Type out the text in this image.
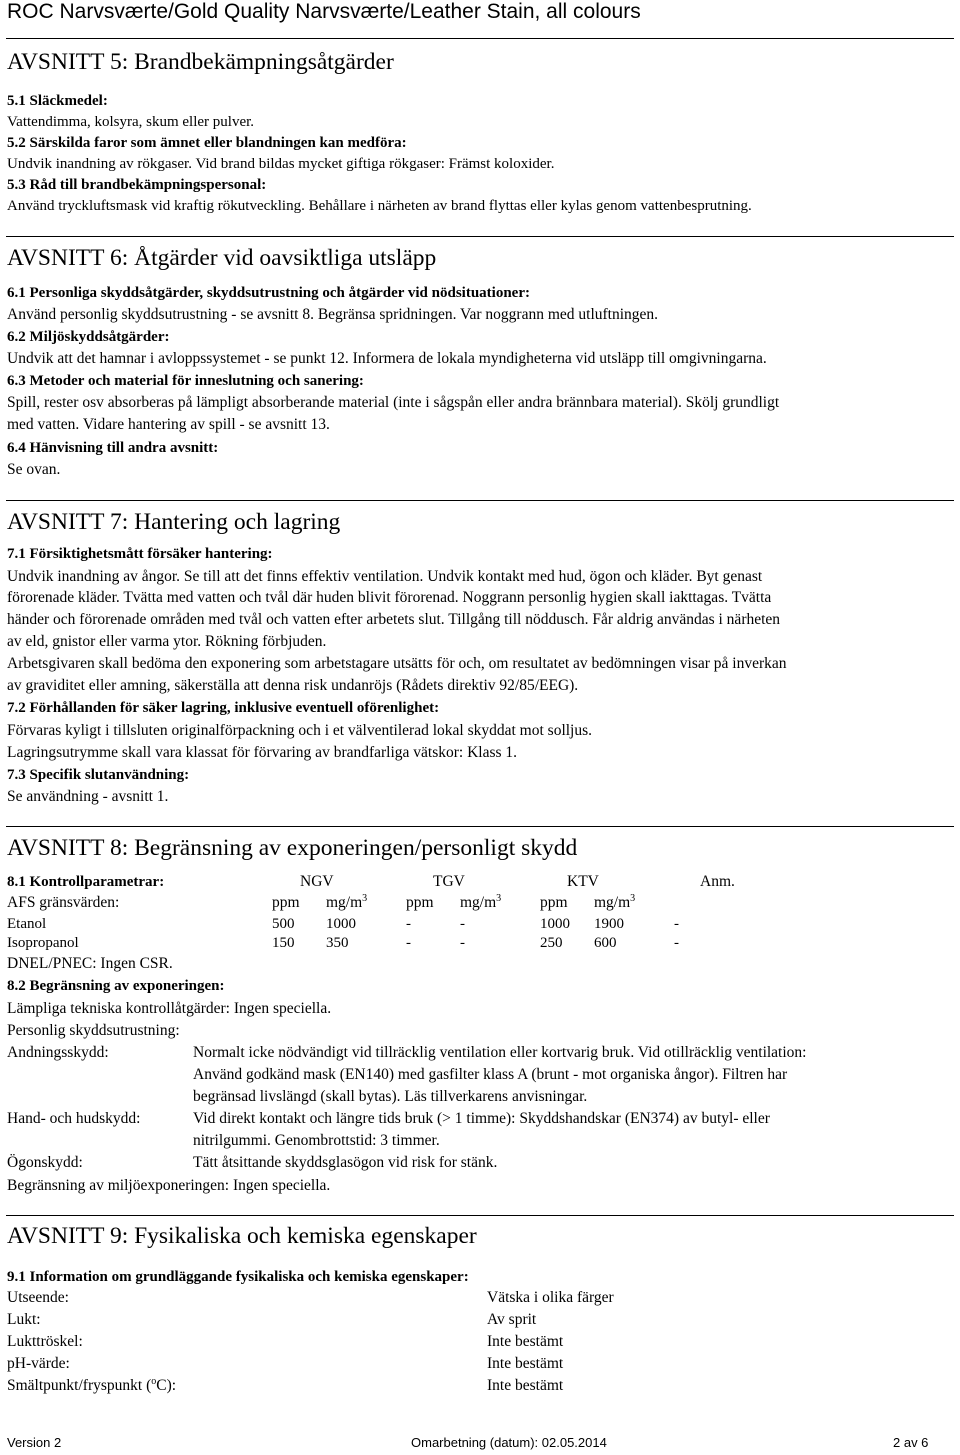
ROC Narvsværte/Gold Quality Narvsværte/Leather Stain, all colours
AVSNITT 5: Brandbekämpningsåtgärder
5.1 Släckmedel:
Vattendimma, kolsyra, skum eller pulver.
5.2 Särskilda faror som ämnet eller blandningen kan medföra:
Undvik inandning av rökgaser. Vid brand bildas mycket giftiga rökgaser: Främst koloxider.
5.3 Råd till brandbekämpningspersonal:
Använd tryckluftsmask vid kraftig rökutveckling. Behållare i närheten av brand flyttas eller kylas genom vattenbesprutning.
AVSNITT 6: Åtgärder vid oavsiktliga utsläpp
6.1 Personliga skyddsåtgärder, skyddsutrustning och åtgärder vid nödsituationer:
Använd personlig skyddsutrustning - se avsnitt 8. Begränsa spridningen. Var noggrann med utluftningen.
6.2 Miljöskyddsåtgärder:
Undvik att det hamnar i avloppssystemet - se punkt 12. Informera de lokala myndigheterna vid utsläpp till omgivningarna.
6.3 Metoder och material för inneslutning och sanering:
Spill, rester osv absorberas på lämpligt absorberande material (inte i sågspån eller andra brännbara material). Skölj grundligt
med vatten. Vidare hantering av spill - se avsnitt 13.
6.4 Hänvisning till andra avsnitt:
Se ovan.
AVSNITT 7: Hantering och lagring
7.1 Försiktighetsmått försäker hantering:
Undvik inandning av ångor. Se till att det finns effektiv ventilation. Undvik kontakt med hud, ögon och kläder. Byt genast
förorenade kläder. Tvätta med vatten och tvål där huden blivit förorenad. Noggrann personlig hygien skall iakttagas. Tvätta
händer och förorenade områden med tvål och vatten efter arbetets slut. Tillgång till nöddusch. Får aldrig användas i närheten
av eld, gnistor eller varma ytor. Rökning förbjuden.
Arbetsgivaren skall bedöma den exponering som arbetstagare utsätts för och, om resultatet av bedömningen visar på inverkan
av graviditet eller amning, säkerställa att denna risk undanröjs (Rådets direktiv 92/85/EEG).
7.2 Förhållanden för säker lagring, inklusive eventuell oförenlighet:
Förvaras kyligt i tillsluten originalförpackning och i et välventilerad lokal skyddat mot solljus.
Lagringsutrymme skall vara klassat för förvaring av brandfarliga vätskor: Klass 1.
7.3 Specifik slutanvändning:
Se användning - avsnitt 1.
AVSNITT 8: Begränsning av exponeringen/personligt skydd
8.1 Kontrollparametrar:	NGV	TGV	KTV	Anm.
AFS gränsvärden:	ppm $mg/m^3$	ppm $mg/m^3$	ppm $mg/m^3$
Etanol	500 1000	-	-	1000 1900	-
Isopropanol	150 350	-	-	250 600	-
DNEL/PNEC: Ingen CSR.
8.2 Begränsning av exponeringen:
Lämpliga tekniska kontrollåtgärder: Ingen speciella.
Personlig skyddsutrustning:
Andningsskydd:	Normalt icke nödvändigt vid tillräcklig ventilation eller kortvarig bruk. Vid otillräcklig ventilation:
Använd godkänd mask (EN140) med gasfilter klass A (brunt - mot organiska ångor). Filtren har
begränsad livslängd (skall bytas). Läs tillverkarens anvisningar.
Hand- och hudskydd:	Vid direkt kontakt och längre tids bruk (> 1 timme): Skyddshandskar (EN374) av butyl- eller
nitrilgummi. Genombrottstid: 3 timmer.
Ögonskydd:	Tätt åtsittande skyddsglasögon vid risk for stänk.
Begränsning av miljöexponeringen: Ingen speciella.
AVSNITT 9: Fysikaliska och kemiska egenskaper
9.1 Information om grundläggande fysikaliska och kemiska egenskaper:
Utseende:	Vätska i olika färger
Lukt:	Av sprit
Lukttröskel:	Inte bestämt
pH-värde:	Inte bestämt
Smältpunkt/fryspunkt ($^o$C):	Inte bestämt
Version 2	Omarbetning (datum): 02.05.2014	2 av 6
